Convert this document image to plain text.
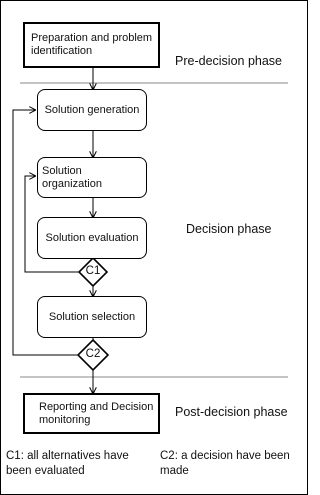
Preparation and problem identification
Solution generation
Solution organization
Solution evaluation
Solution selection
Reporting and Decision monitoring
C1
C2
Pre-decision phase
Decision phase
Post-decision phase
C1: all alternatives have been evaluated
C2: a decision have been made
